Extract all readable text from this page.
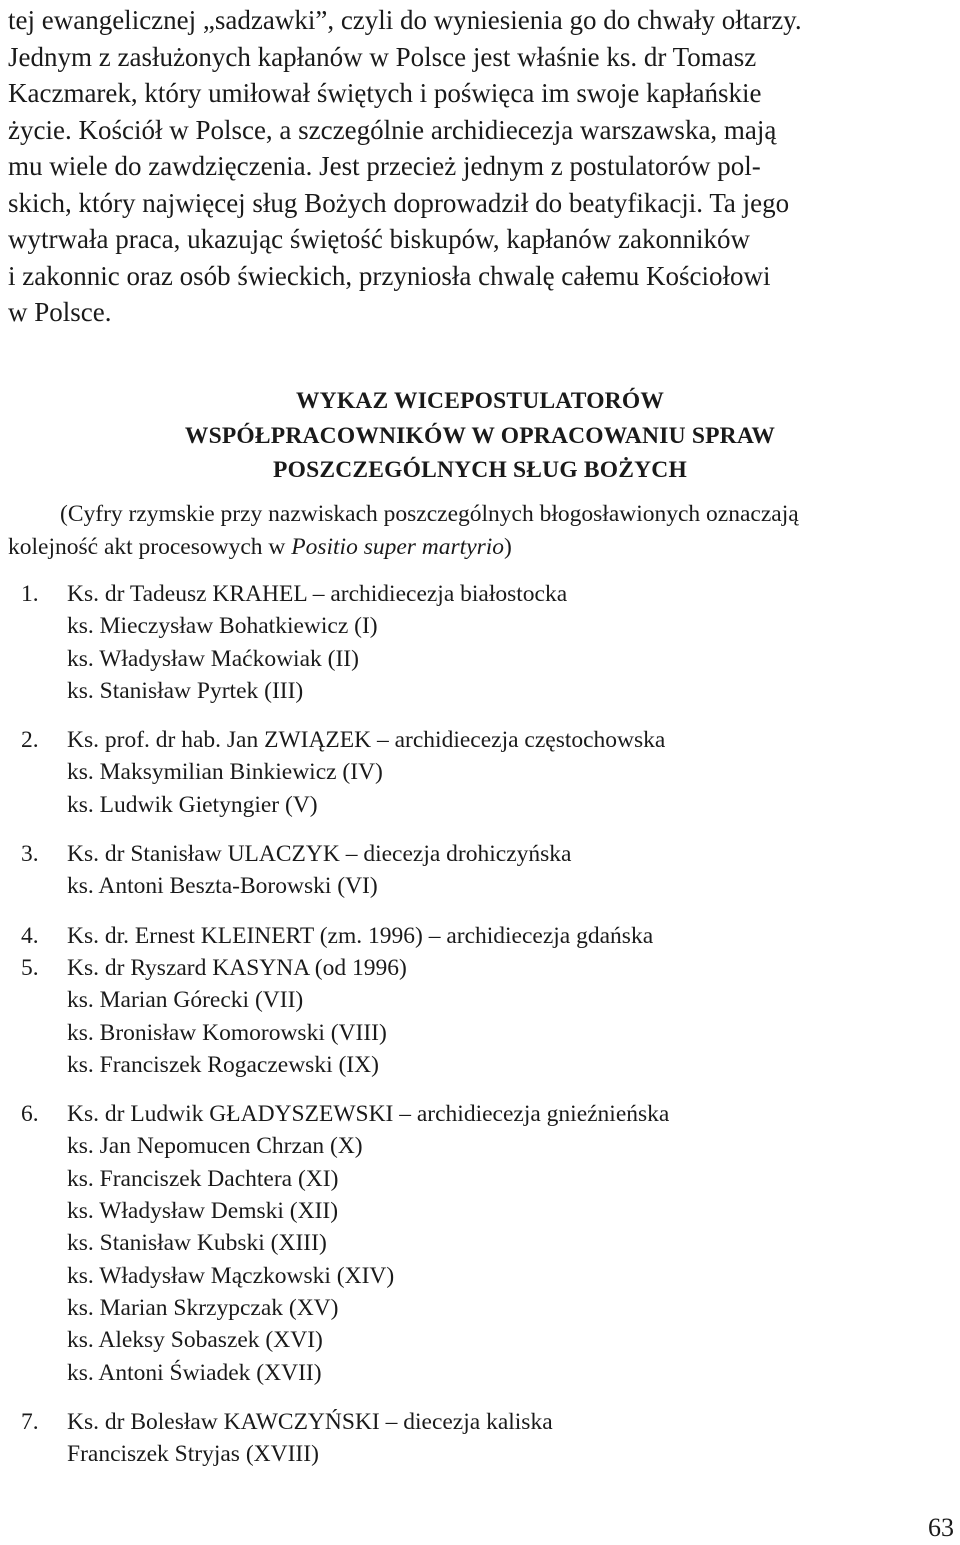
tej ewangelicznej „sadzawki”, czyli do wyniesienia go do chwały ołtarzy.
Jednym z zasłużonych kapłanów w Polsce jest właśnie ks. dr Tomasz
Kaczmarek, który umiłował świętych i poświęca im swoje kapłańskie
życie. Kościół w Polsce, a szczególnie archidiecezja warszawska, mają
mu wiele do zawdzięczenia. Jest przecież jednym z postulatorów pol-
skich, który najwięcej sług Bożych doprowadził do beatyfikacji. Ta jego
wytrwała praca, ukazując świętość biskupów, kapłanów zakonników
i zakonnic oraz osób świeckich, przyniosła chwalę całemu Kościołowi
w Polsce.

WYKAZ WICEPOSTULATORÓW
WSPÓŁPRACOWNIKÓW W OPRACOWANIU SPRAW
POSZCZEGÓLNYCH SŁUG BOŻYCH
(Cyfry rzymskie przy nazwiskach poszczególnych błogosławionych oznaczają
kolejność akt procesowych w Positio super martyrio)
1.	Ks. dr Tadeusz KRAHEL – archidiecezja białostocka
ks. Mieczysław Bohatkiewicz (I)
ks. Władysław Maćkowiak (II)
ks. Stanisław Pyrtek (III)
2.	Ks. prof. dr hab. Jan ZWIĄZEK – archidiecezja częstochowska
ks. Maksymilian Binkiewicz (IV)
ks. Ludwik Gietyngier (V)
3.	Ks. dr Stanisław ULACZYK – diecezja drohiczyńska
ks. Antoni Beszta-Borowski (VI)
4.	Ks. dr. Ernest KLEINERT (zm. 1996) – archidiecezja gdańska
5.	Ks. dr Ryszard KASYNA (od 1996)
ks. Marian Górecki (VII)
ks. Bronisław Komorowski (VIII)
ks. Franciszek Rogaczewski (IX)
6.	Ks. dr Ludwik GŁADYSZEWSKI – archidiecezja gnieźnieńska
ks. Jan Nepomucen Chrzan (X)
ks. Franciszek Dachtera (XI)
ks. Władysław Demski (XII)
ks. Stanisław Kubski (XIII)
ks. Władysław Mączkowski (XIV)
ks. Marian Skrzypczak (XV)
ks. Aleksy Sobaszek (XVI)
ks. Antoni Świadek (XVII)
7.	Ks. dr Bolesław KAWCZYŃSKI – diecezja kaliska
Franciszek Stryjas (XVIII)
63
